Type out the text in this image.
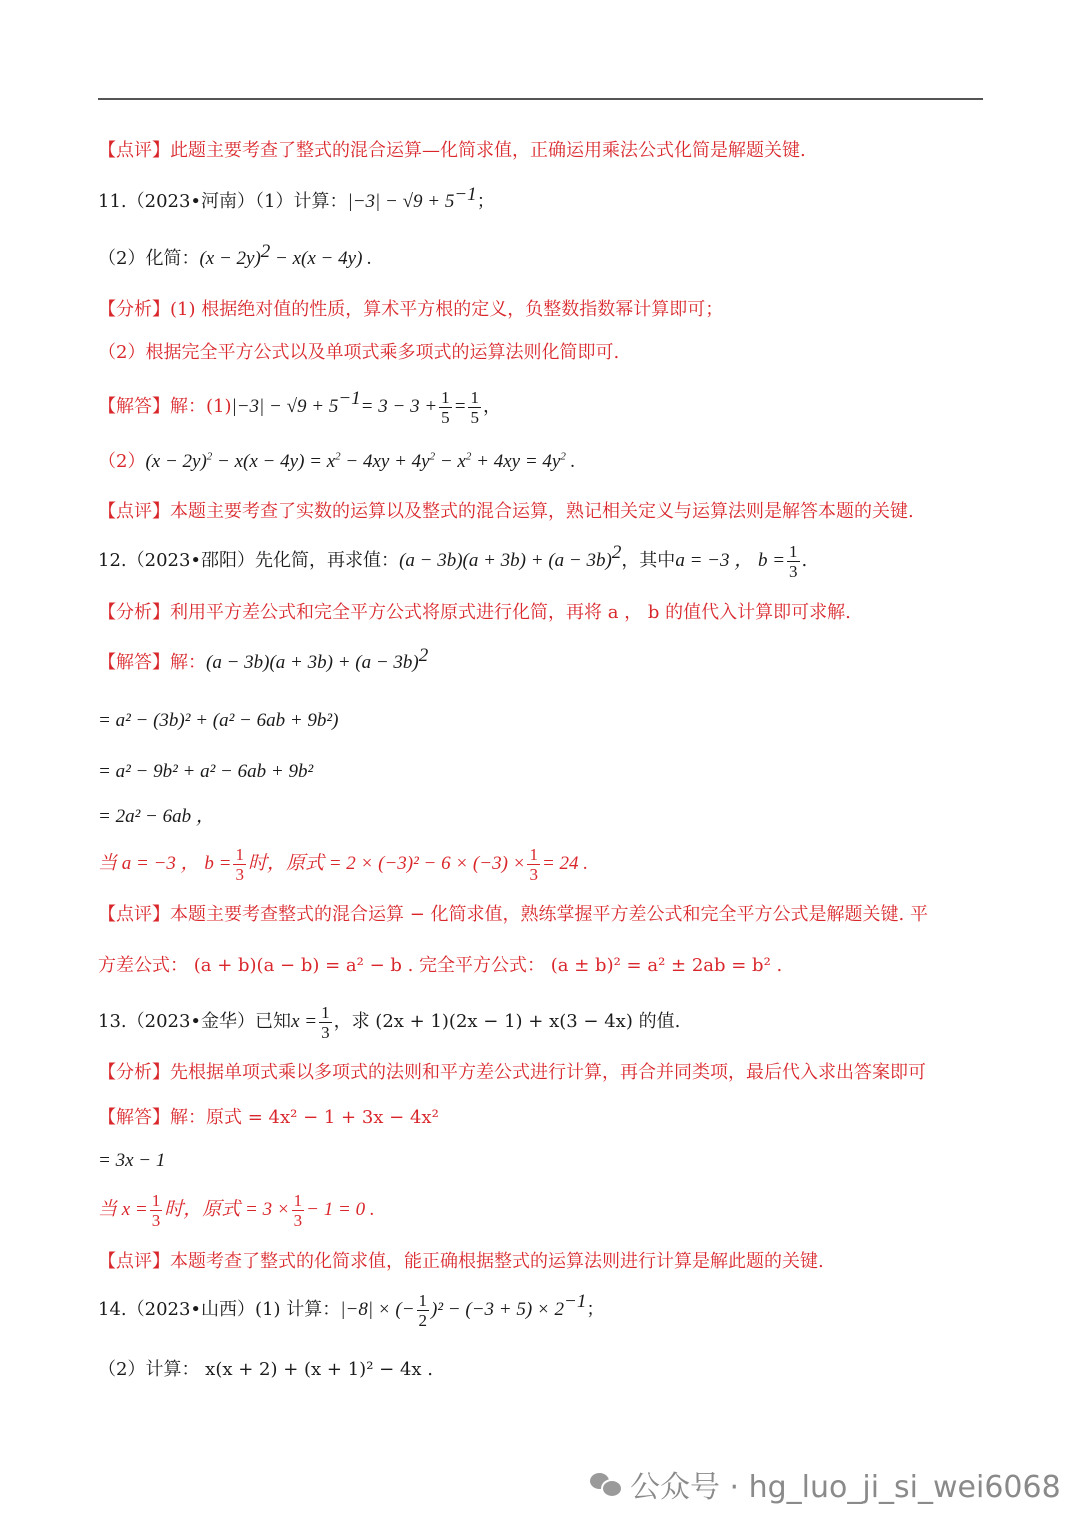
【点评】此题主要考查了整式的混合运算—化简求值，正确运用乘法公式化简是解题关键.
11.（2023•河南）（1）计算：$|-3| - √9 + 5^{-1}$；
（2）化简：$(x - 2y)^2 - x(x - 4y)$ .
【分析】(1) 根据绝对值的性质，算术平方根的定义，负整数指数幂计算即可；
（2）根据完全平方公式以及单项式乘多项式的运算法则化简即可.
【解答】解：(1) $|-3| - √9 + 5^{-1} = 3 - 3 + \frac{1}{5} = \frac{1}{5}$ ，
$(2)(x - 2y)^2 - x(x - 4y) = x^2 - 4xy + 4y^2 - x^2 + 4xy = 4y^2$ .
【点评】本题主要考查了实数的运算以及整式的混合运算，熟记相关定义与运算法则是解答本题的关键.
12.（2023•邵阳）先化简，再求值： $(a - 3b)(a + 3b) + (a - 3b)^2$ ，其中 a = −3 ， $b = \frac{1}{3}$ .
【分析】利用平方差公式和完全平方公式将原式进行化简，再将 a ， b 的值代入计算即可求解.
【解答】解：$(a - 3b)(a + 3b) + (a - 3b)^2$
= a² − (3b)² + (a² − 6ab + 9b²)
= a² − 9b² + a² − 6ab + 9b²
= 2a² − 6ab ，
当 a = −3 ， $b = \frac{1}{3}$ 时，原式 = $2 \times (-3)^2 - 6 \times (-3) \times \frac{1}{3} = 24$ .
【点评】本题主要考查整式的混合运算 − 化简求值，熟练掌握平方差公式和完全平方公式是解题关键. 平
方差公式： (a + b)(a − b) = a² − b . 完全平方公式： (a ± b)² = a² ± 2ab = b² .
13.（2023•金华）已知 $x = \frac{1}{3}$ ，求 (2x + 1)(2x − 1) + x(3 − 4x) 的值.
【分析】先根据单项式乘以多项式的法则和平方差公式进行计算，再合并同类项，最后代入求出答案即可
【解答】解：原式 = 4x² − 1 + 3x − 4x²
= 3x − 1
当 $x = \frac{1}{3}$ 时，原式 = $3 \times \frac{1}{3} - 1 = 0$ .
【点评】本题考查了整式的化简求值，能正确根据整式的运算法则进行计算是解此题的关键.
14.（2023•山西）(1) 计算： |−8| × (− $\frac{1}{2} )^2 - (-3 + 5) \times 2^{-1}$ ；
（2）计算： x(x + 2) + (x + 1)² − 4x .
公众号 · hg_luo_ji_si_wei6068
